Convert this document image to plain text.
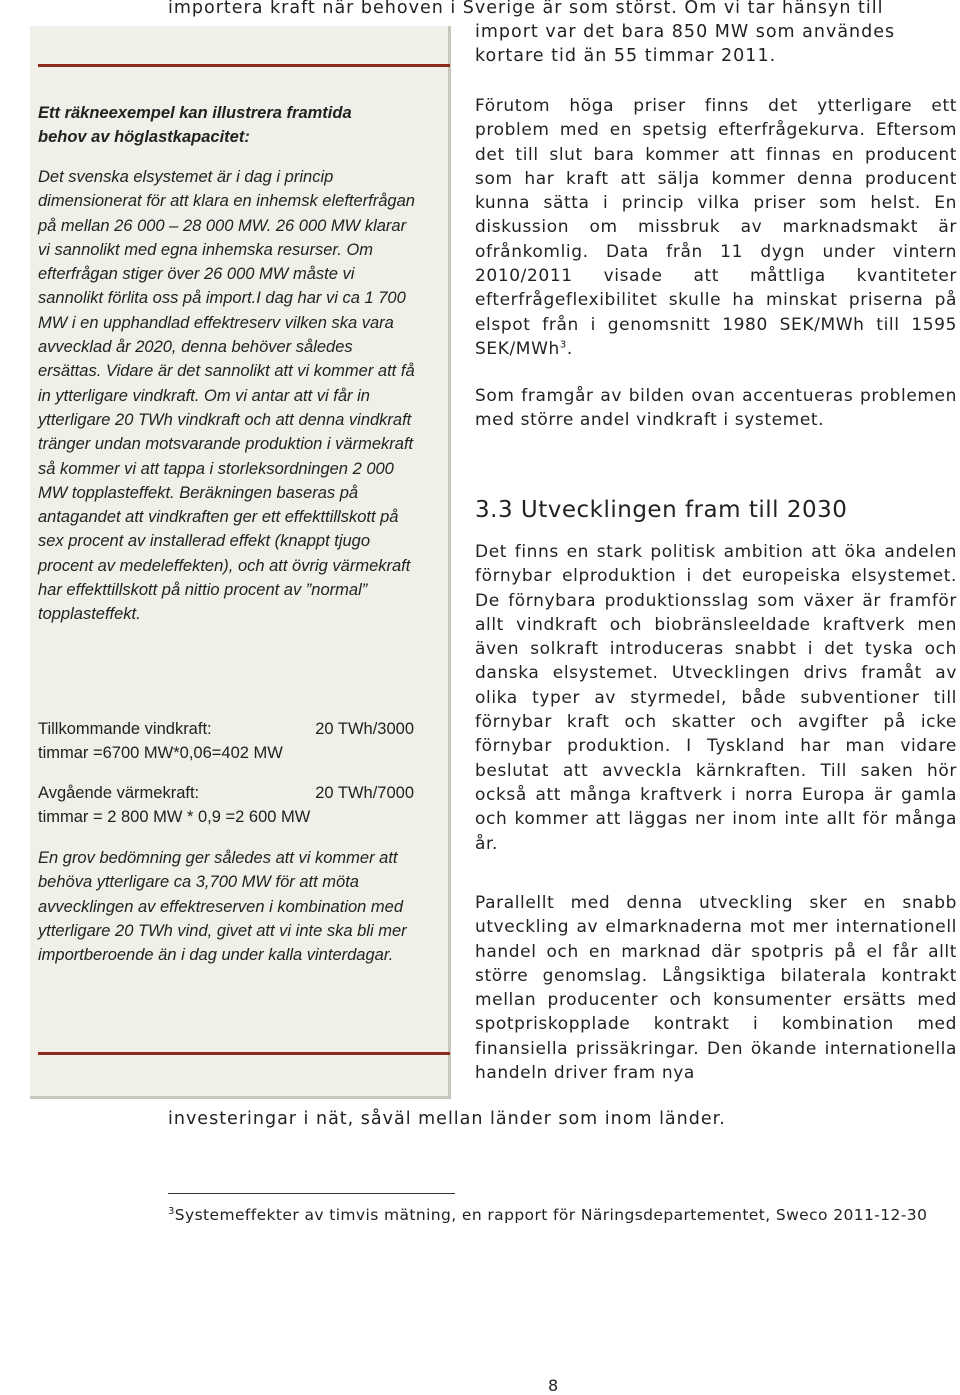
importera kraft när behoven i Sverige är som störst. Om vi tar hänsyn till
import var det bara 850 MW som användes
kortare tid än 55 timmar 2011.

Ett räkneexempel kan illustrera framtida

behov av höglastkapacitet:

Det svenska elsystemet är i dag i princip dimensionerat för att klara en inhemsk elefterfrågan på mellan 26 000 – 28 000 MW. 26 000 MW klarar vi sannolikt med egna inhemska resurser. Om efterfrågan stiger över 26 000 MW måste vi sannolikt förlita oss på import.I dag har vi ca 1 700 MW i en upphandlad effektreserv vilken ska vara avvecklad år 2020, denna behöver således ersättas. Vidare är det sannolikt att vi kommer att få in ytterligare vindkraft. Om vi antar att vi får in ytterligare 20 TWh vindkraft och att denna vindkraft tränger undan motsvarande produktion i värmekraft så kommer vi att tappa i storleksordningen 2 000 MW topplasteffekt. Beräkningen baseras på antagandet att vindkraften ger ett effekttillskott på sex procent av installerad effekt (knappt tjugo procent av medeleffekten), och att övrig värmekraft har effekttillskott på nittio procent av ”normal” topplasteffekt.

Tillkommande vindkraft:	20 TWh/3000
timmar =6700 MW*0,06=402 MW
Avgående värmekraft:	20 TWh/7000
timmar = 2 800 MW * 0,9 =2 600 MW

En grov bedömning ger således att vi kommer att behöva ytterligare ca 3,700 MW för att möta avvecklingen av effektreserven i kombination med ytterligare 20 TWh vind, givet att vi inte ska bli mer importberoende än i dag under kalla vinterdagar.

Förutom höga priser finns det ytterligare ett problem med en spetsig efterfrågekurva. Eftersom det till slut bara kommer att finnas en producent som har kraft att sälja kommer denna producent kunna sätta i princip vilka priser som helst. En diskussion om missbruk av marknadsmakt är ofrånkomlig. Data från 11 dygn under vintern 2010/2011 visade att måttliga kvantiteter efterfrågeflexibilitet skulle ha minskat priserna på elspot från i genomsnitt 1980 SEK/MWh till 1595 SEK/MWh$^3$.

Som framgår av bilden ovan accentueras problemen med större andel vindkraft i systemet.

3.3 Utvecklingen fram till 2030

Det finns en stark politisk ambition att öka andelen förnybar elproduktion i det europeiska elsystemet. De förnybara produktionsslag som växer är framför allt vindkraft och biobränsleeldade kraftverk men även solkraft introduceras snabbt i det tyska och danska elsystemet. Utvecklingen drivs framåt av olika typer av styrmedel, både subventioner till förnybar kraft och skatter och avgifter på icke förnybar produktion. I Tyskland har man vidare beslutat att avveckla kärnkraften. Till saken hör också att många kraftverk i norra Europa är gamla och kommer att läggas ner inom inte allt för många år.

Parallellt med denna utveckling sker en snabb utveckling av elmarknaderna mot mer internationell handel och en marknad där spotpris på el får allt större genomslag. Långsiktiga bilaterala kontrakt mellan producenter och konsumenter ersätts med spotpriskopplade kontrakt i kombination med finansiella prissäkringar. Den ökande internationella handeln driver fram nya

investeringar i nät, såväl mellan länder som inom länder.
$^3$Systemeffekter av timvis mätning, en rapport för Näringsdepartementet, Sweco 2011-12-30
8
